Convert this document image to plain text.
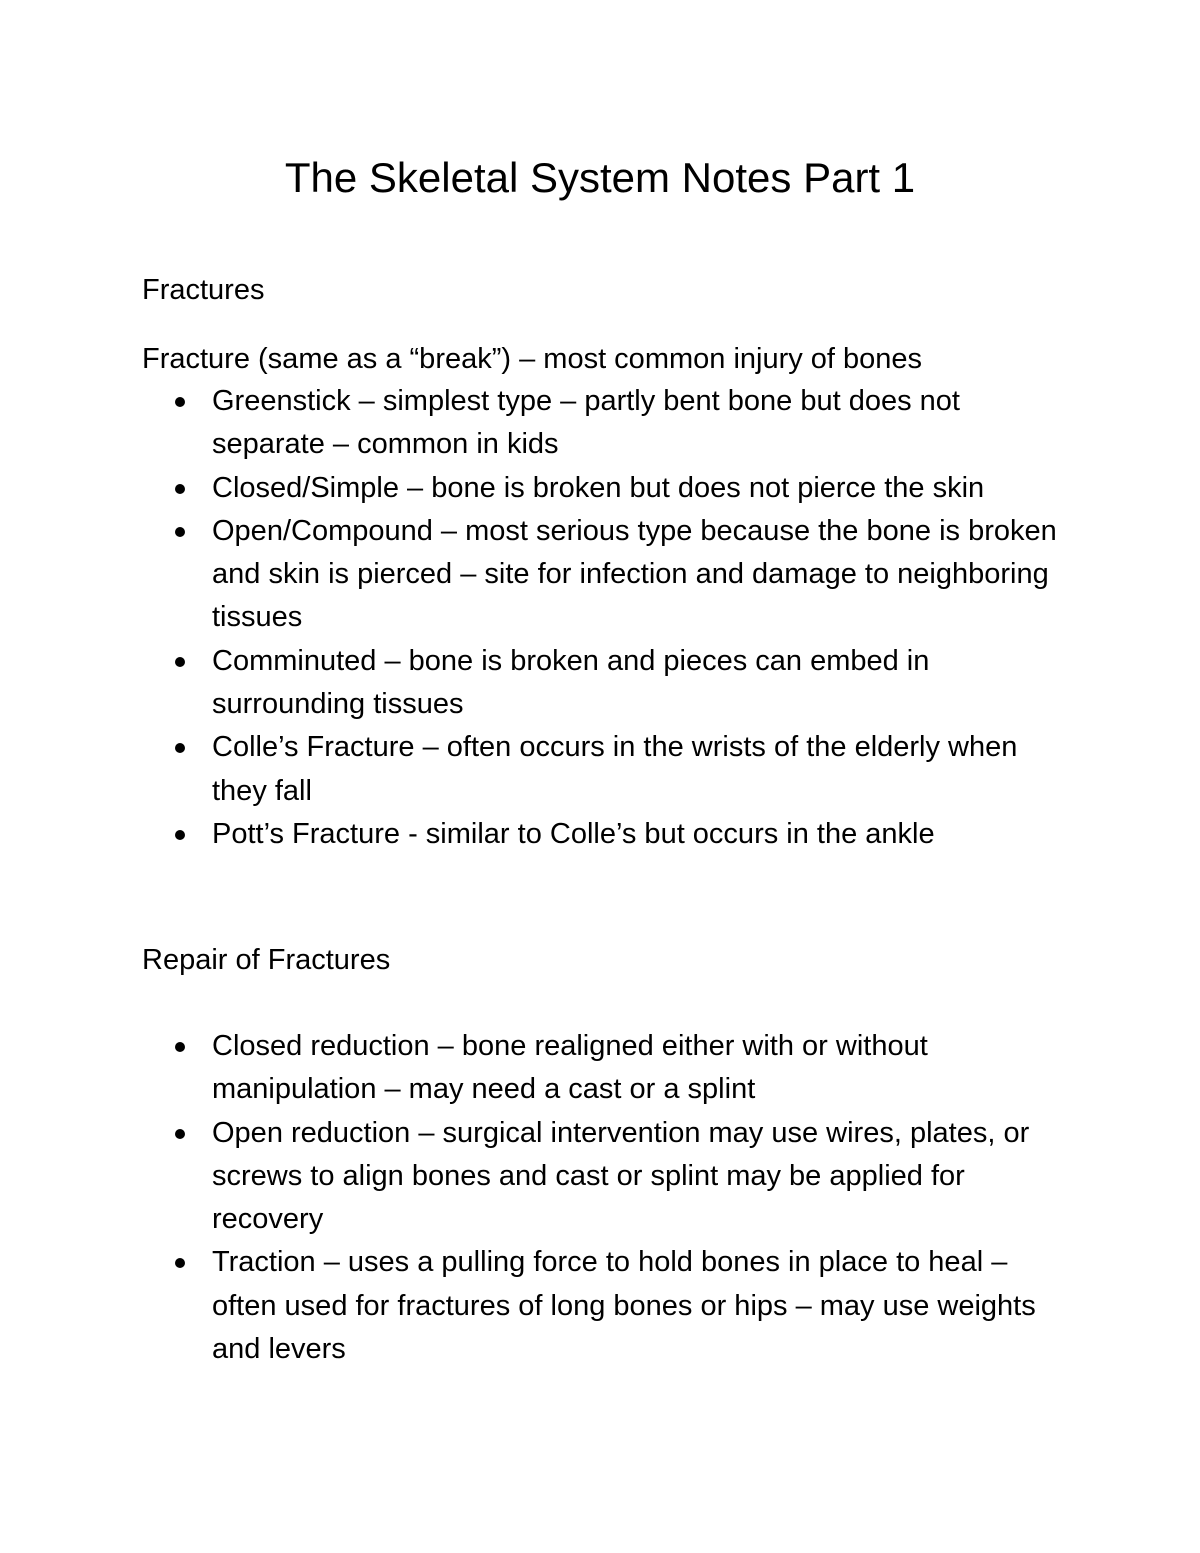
The Skeletal System Notes Part 1
Fractures

Fracture (same as a “break”) – most common injury of bones

Greenstick – simplest type – partly bent bone but does not separate – common in kids
Closed/Simple – bone is broken but does not pierce the skin
Open/Compound – most serious type because the bone is broken and skin is pierced – site for infection and damage to neighboring tissues
Comminuted – bone is broken and pieces can embed in surrounding tissues
Colle’s Fracture – often occurs in the wrists of the elderly when they fall
Pott’s Fracture - similar to Colle’s but occurs in the ankle
Repair of Fractures
Closed reduction – bone realigned either with or without manipulation – may need a cast or a splint
Open reduction – surgical intervention may use wires, plates, or screws to align bones and cast or splint may be applied for recovery
Traction – uses a pulling force to hold bones in place to heal – often used for fractures of long bones or hips – may use weights and levers
